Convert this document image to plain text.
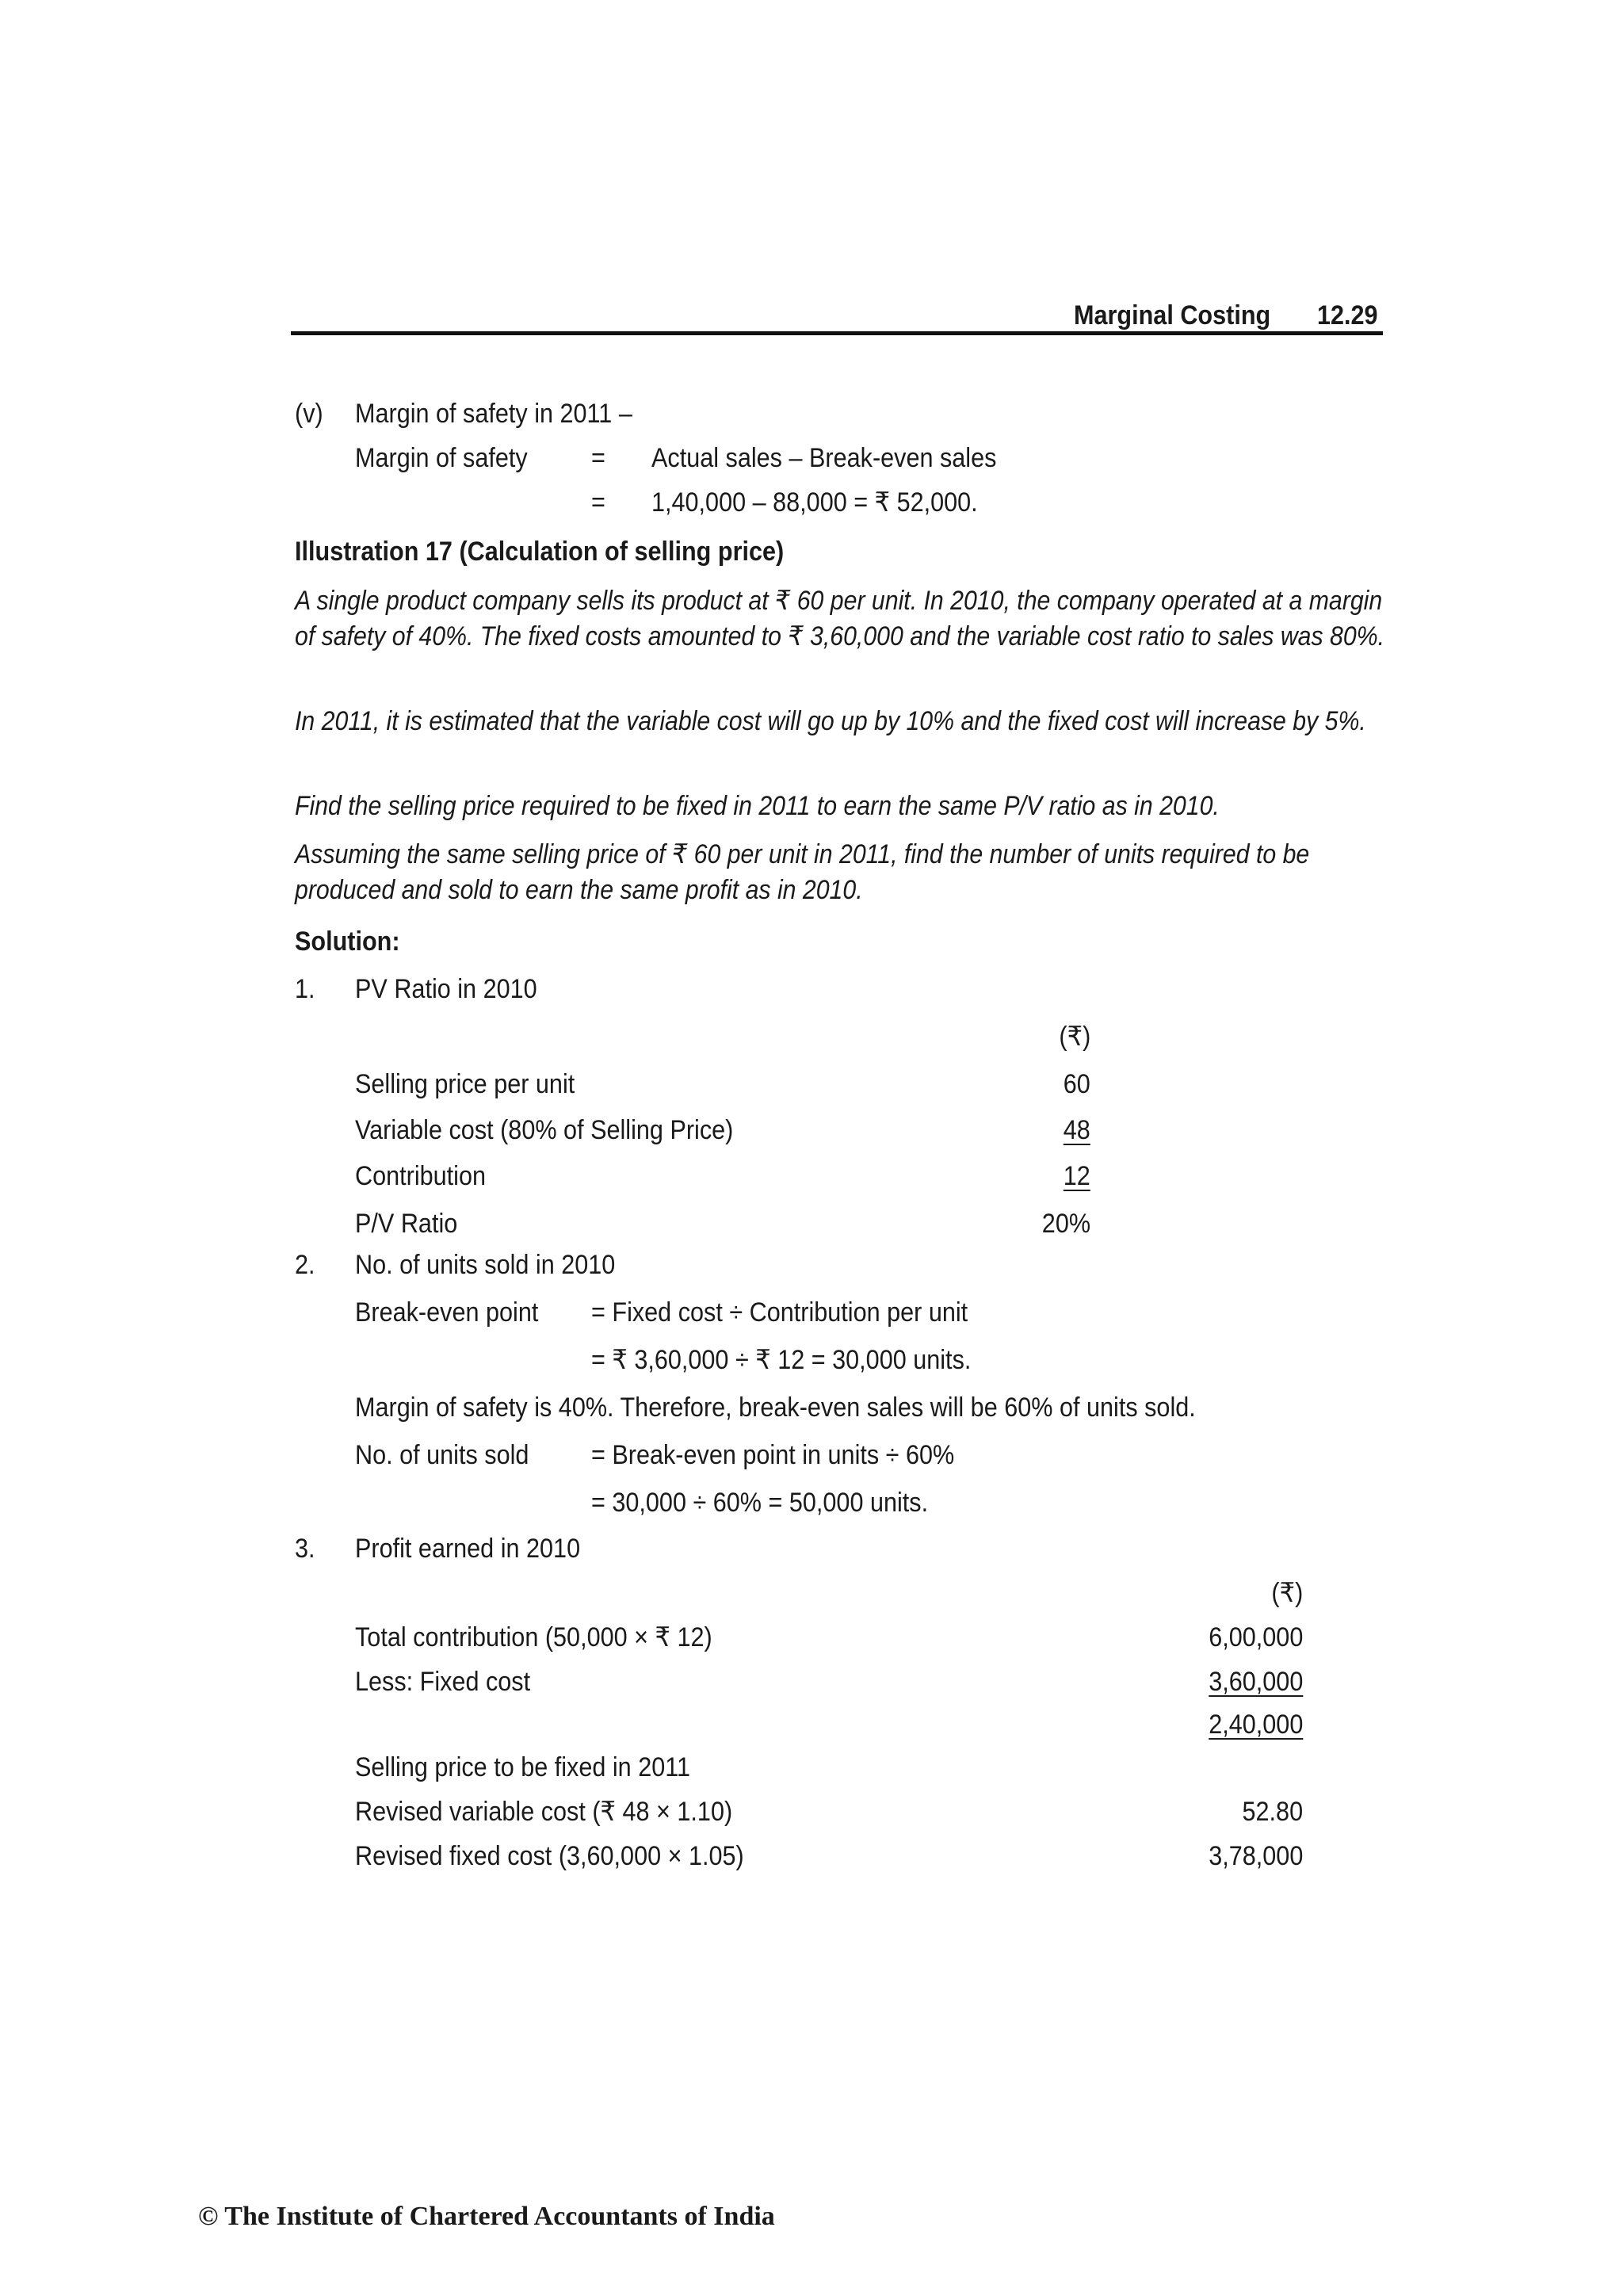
Marginal Costing 12.29
(v) Margin of safety in 2011 –
Margin of safety = Actual sales – Break-even sales
= 1,40,000 – 88,000 = ₹ 52,000.
Illustration 17 (Calculation of selling price)
A single product company sells its product at ₹ 60 per unit. In 2010, the company operated at a margin of safety of 40%. The fixed costs amounted to ₹ 3,60,000 and the variable cost ratio to sales was 80%.
In 2011, it is estimated that the variable cost will go up by 10% and the fixed cost will increase by 5%.
Find the selling price required to be fixed in 2011 to earn the same P/V ratio as in 2010.
Assuming the same selling price of ₹ 60 per unit in 2011, find the number of units required to be produced and sold to earn the same profit as in 2010.
Solution:
1. PV Ratio in 2010
(₹)
Selling price per unit	60
Variable cost (80% of Selling Price)	48
Contribution	12
P/V Ratio	20%
2. No. of units sold in 2010
Break-even point = Fixed cost ÷ Contribution per unit
= ₹ 3,60,000 ÷ ₹ 12 = 30,000 units.
Margin of safety is 40%. Therefore, break-even sales will be 60% of units sold.
No. of units sold = Break-even point in units ÷ 60%
= 30,000 ÷ 60% = 50,000 units.
3. Profit earned in 2010
(₹)
Total contribution (50,000 × ₹ 12)	6,00,000
Less: Fixed cost	3,60,000
2,40,000
Selling price to be fixed in 2011
Revised variable cost (₹ 48 × 1.10)	52.80
Revised fixed cost (3,60,000 × 1.05)	3,78,000
© The Institute of Chartered Accountants of India
